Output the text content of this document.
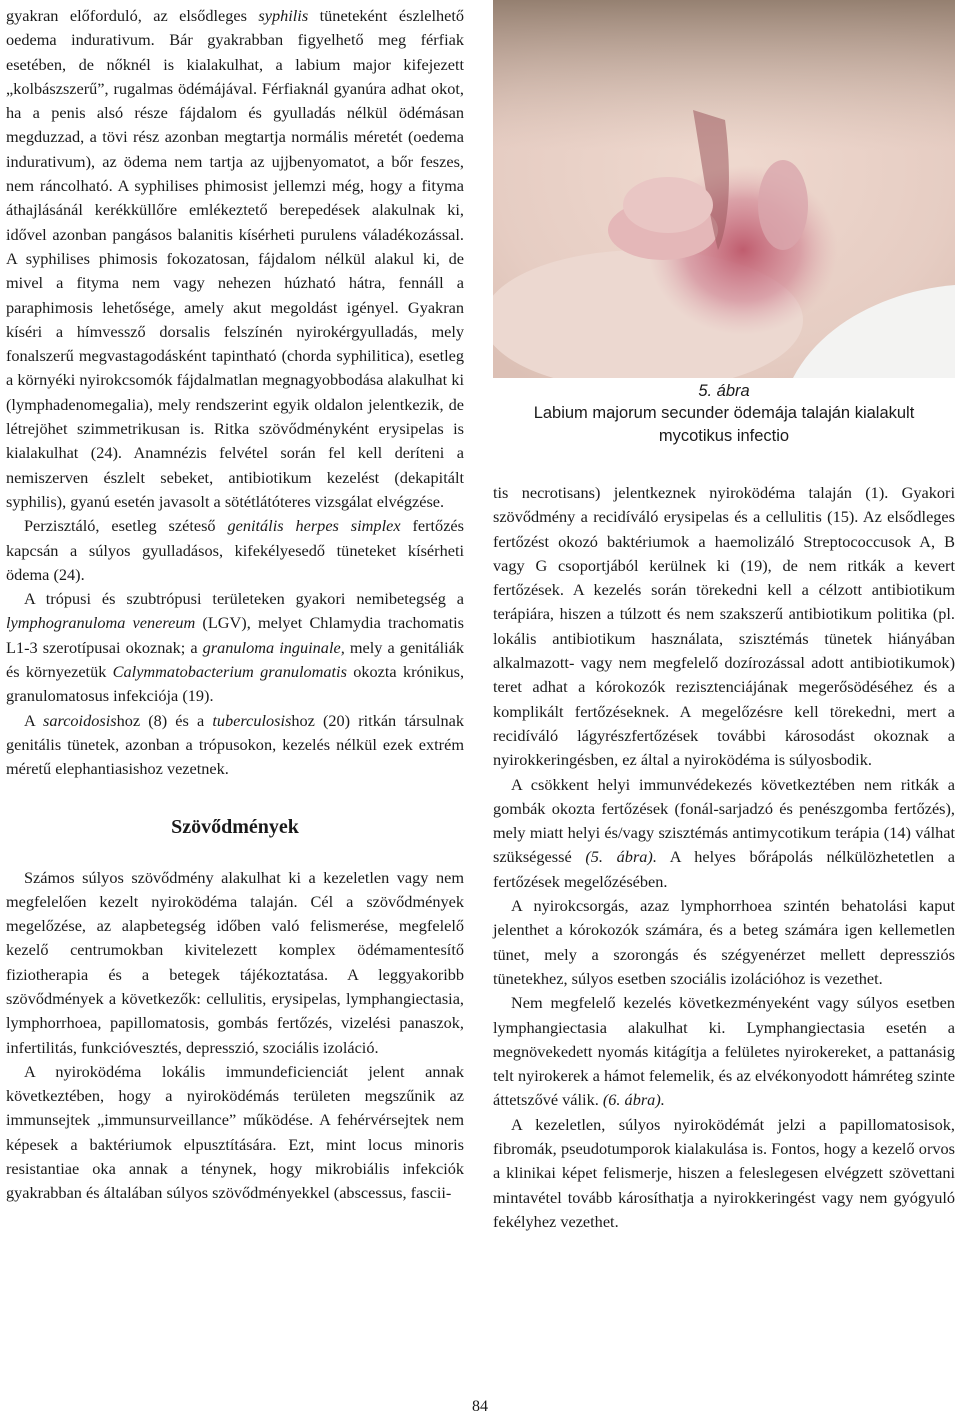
gyakran előforduló, az elsődleges syphilis tüneteként észlelhető oedema indurativum. Bár gyakrabban figyelhető meg férfiak esetében, de nőknél is kialakulhat, a labium major kifejezett „kolbászszerű”, rugalmas ödémájával. Férfiaknál gyanúra adhat okot, ha a penis alsó része fájdalom és gyulladás nélkül ödémásan megduzzad, a tövi rész azonban megtartja normális méretét (oedema indurativum), az ödema nem tartja az ujjbenyomatot, a bőr feszes, nem ráncolható. A syphilises phimosist jellemzi még, hogy a fityma áthajlásánál kerékküllőre emlékeztető berepedések alakulnak ki, idővel azonban pangásos balanitis kísérheti purulens váladékozással. A syphilises phimosis fokozatosan, fájdalom nélkül alakul ki, de mivel a fityma nem vagy nehezen húzható hátra, fennáll a paraphimosis lehetősége, amely akut megoldást igényel. Gyakran kíséri a hímvessző dorsalis felszínén nyirokérgyulladás, mely fonalszerű megvastagodásként tapintható (chorda syphilitica), esetleg a környéki nyirokcsomók fájdalmatlan megnagyobbodása alakulhat ki (lymphadenomegalia), mely rendszerint egyik oldalon jelentkezik, de létrejöhet szimmetrikusan is. Ritka szövődményként erysipelas is kialakulhat (24). Anamnézis felvétel során fel kell deríteni a nemiszerven észlelt sebeket, antibiotikum kezelést (dekapitált syphilis), gyanú esetén javasolt a sötétlátóteres vizsgálat elvégzése.

Perzisztáló, esetleg széteső genitális herpes simplex fertőzés kapcsán a súlyos gyulladásos, kifekélyesedő tüneteket kísérheti ödema (24).

A trópusi és szubtrópusi területeken gyakori nemibetegség a lymphogranuloma venereum (LGV), melyet Chlamydia trachomatis L1-3 szerotípusai okoznak; a granuloma inguinale, mely a genitáliák és környezetük Calymmatobacterium granulomatis okozta krónikus, granulomatosus infekciója (19).

A sarcoidosishoz (8) és a tuberculosishoz (20) ritkán társulnak genitális tünetek, azonban a trópusokon, kezelés nélkül ezek extrém méretű elephantiasishoz vezetnek.

Szövődmények

Számos súlyos szövődmény alakulhat ki a kezeletlen vagy nem megfelelően kezelt nyiroködéma talaján. Cél a szövődmények megelőzése, az alapbetegség időben való felismerése, megfelelő kezelő centrumokban kivitelezett komplex ödémamentesítő fiziotherapia és a betegek tájékoztatása. A leggyakoribb szövődmények a következők: cellulitis, erysipelas, lymphangiectasia, lymphorrhoea, papillomatosis, gombás fertőzés, vizelési panaszok, infertilitás, funkcióvesztés, depresszió, szociális izoláció.

A nyiroködéma lokális immundeficienciát jelent annak következtében, hogy a nyiroködémás területen megszűnik az immunsejtek „immunsurveillance” működése. A fehérvérsejtek nem képesek a baktériumok elpusztítására. Ezt, mint locus minoris resistantiae oka annak a ténynek, hogy mikrobiális infekciók gyakrabban és általában súlyos szövődményekkel (abscessus, fascii-

5. ábra
Labium majorum secunder ödemája talaján kialakult
mycotikus infectio

tis necrotisans) jelentkeznek nyiroködéma talaján (1). Gyakori szövődmény a recidíváló erysipelas és a cellulitis (15). Az elsődleges fertőzést okozó baktériumok a haemolizáló Streptococcusok A, B vagy G csoportjából kerülnek ki (19), de nem ritkák a kevert fertőzések. A kezelés során törekedni kell a célzott antibiotikum terápiára, hiszen a túlzott és nem szakszerű antibiotikum politika (pl. lokális antibiotikum használata, szisztémás tünetek hiányában alkalmazott- vagy nem megfelelő dozírozással adott antibiotikumok) teret adhat a kórokozók rezisztenciájának megerősödéséhez és a komplikált fertőzéseknek. A megelőzésre kell törekedni, mert a recidíváló lágyrészfertőzések további károsodást okoznak a nyirokkeringésben, ez által a nyiroködéma is súlyosbodik.

A csökkent helyi immunvédekezés következtében nem ritkák a gombák okozta fertőzések (fonál-sarjadzó és penészgomba fertőzés), mely miatt helyi és/vagy szisztémás antimycotikum terápia (14) válhat szükségessé (5. ábra). A helyes bőrápolás nélkülözhetetlen a fertőzések megelőzésében.

A nyirokcsorgás, azaz lymphorrhoea szintén behatolási kaput jelenthet a kórokozók számára, és a beteg számára igen kellemetlen tünet, mely a szorongás és szégyenérzet mellett depressziós tünetekhez, súlyos esetben szociális izolációhoz is vezethet.

Nem megfelelő kezelés következményeként vagy súlyos esetben lymphangiectasia alakulhat ki. Lymphangiectasia esetén a megnövekedett nyomás kitágítja a felületes nyirokereket, a pattanásig telt nyirokerek a hámot felemelik, és az elvékonyodott hámréteg szinte áttetszővé válik. (6. ábra).

A kezeletlen, súlyos nyiroködémát jelzi a papillomatosisok, fibromák, pseudotumporok kialakulása is. Fontos, hogy a kezelő orvos a klinikai képet felismerje, hiszen a feleslegesen elvégzett szövettani mintavétel tovább károsíthatja a nyirokkeringést vagy nem gyógyuló fekélyhez vezethet.

84
